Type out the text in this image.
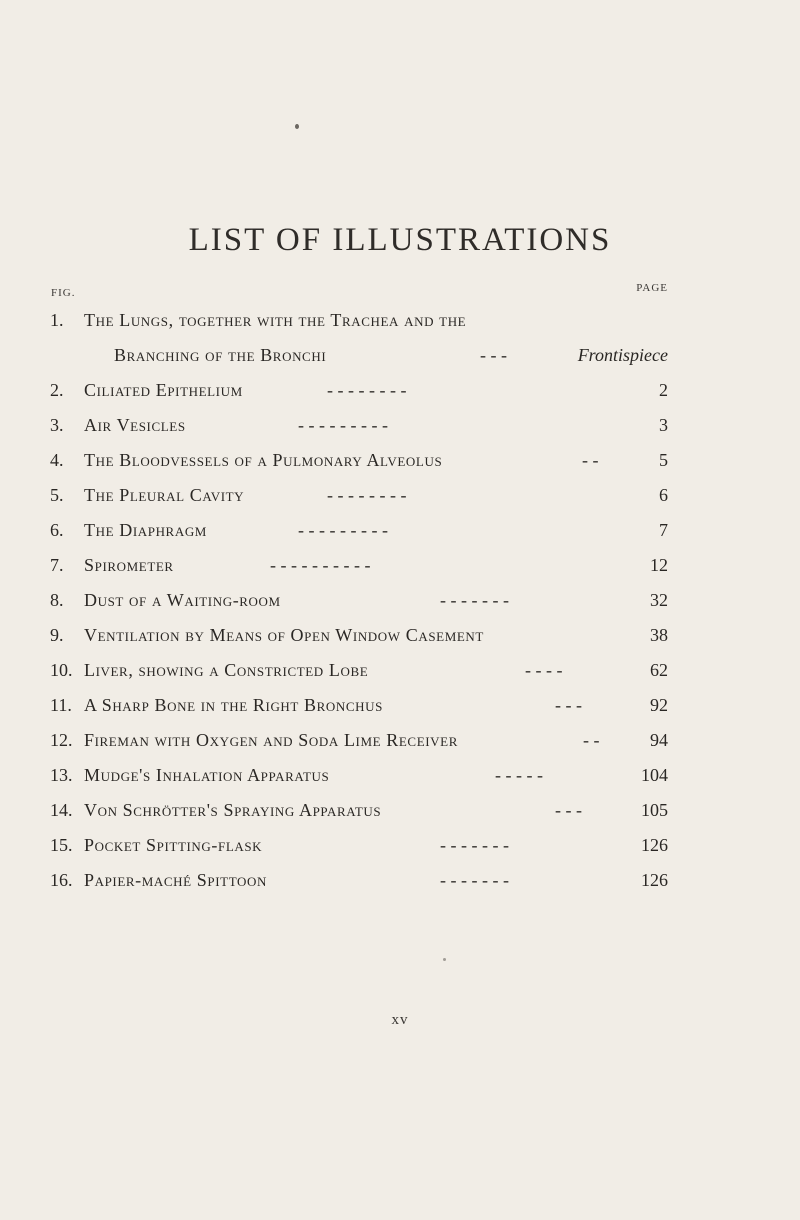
LIST OF ILLUSTRATIONS
FIG.	PAGE
1.	The Lungs, together with the Trachea and the
Branching of the Bronchi	- - -	Frontispiece
2.	Ciliated Epithelium	- - - - - - - -	2
3.	Air Vesicles	- - - - - - - - -	3
4.	The Bloodvessels of a Pulmonary Alveolus	- -	5
5.	The Pleural Cavity	- - - - - - - -	6
6.	The Diaphragm	- - - - - - - - -	7
7.	Spirometer	- - - - - - - - - -	12
8.	Dust of a Waiting-room	- - - - - - -	32
9.	Ventilation by Means of Open Window Casement	38
10. Liver, showing a Constricted Lobe	- - - -	62
11. A Sharp Bone in the Right Bronchus	- - -	92
12. Fireman with Oxygen and Soda Lime Receiver	- -	94
13. Mudge's Inhalation Apparatus	- - - - -	104
14. Von Schrötter's Spraying Apparatus	- - -	105
15. Pocket Spitting-flask	- - - - - - -	126
16. Papier-maché Spittoon	- - - - - - -	126
xv
